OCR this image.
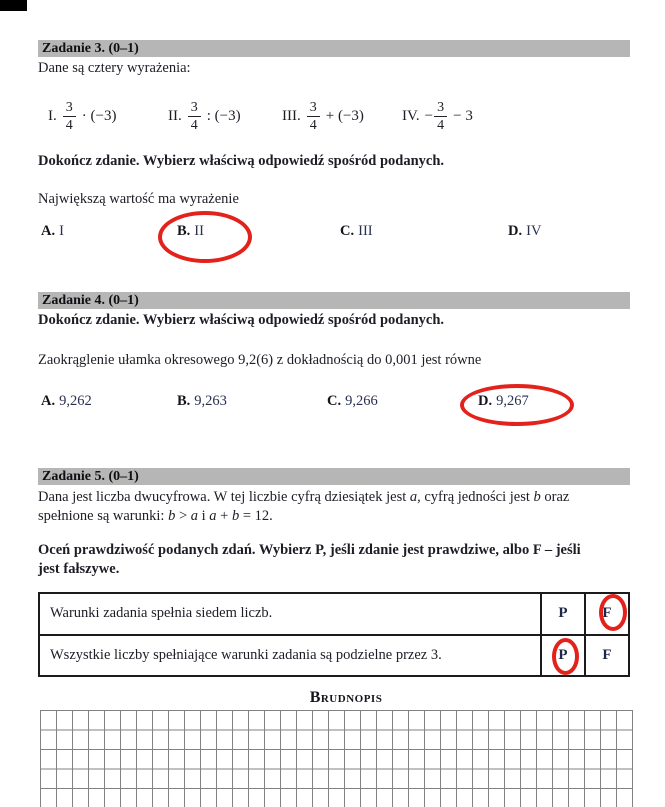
Zadanie 3. (0–1)
Dane są cztery wyrażenia:
I. $\frac{3}{4} \cdot (-3)$	II. $\frac{3}{4}$ : (−3)	III. $\frac{3}{4} + (-3)$	IV. − $\frac{3}{4} - 3$
Dokończ zdanie. Wybierz właściwą odpowiedź spośród podanych.
Największą wartość ma wyrażenie
A. I	B. II	C. III	D. IV
Zadanie 4. (0–1)
Dokończ zdanie. Wybierz właściwą odpowiedź spośród podanych.
Zaokrąglenie ułamka okresowego 9,2(6) z dokładnością do 0,001 jest równe
A. 9,262	B. 9,263	C. 9,266	D. 9,267
Zadanie 5. (0–1)
Dana jest liczba dwucyfrowa. W tej liczbie cyfrą dziesiątek jest a, cyfrą jedności jest b oraz
spełnione są warunki: b > a i a + b = 12.
Oceń prawdziwość podanych zdań. Wybierz P, jeśli zdanie jest prawdziwe, albo F – jeśli
jest fałszywe.
Warunki zadania spełnia siedem liczb.	P	F
Wszystkie liczby spełniające warunki zadania są podzielne przez 3.	P	F
Brudnopis
